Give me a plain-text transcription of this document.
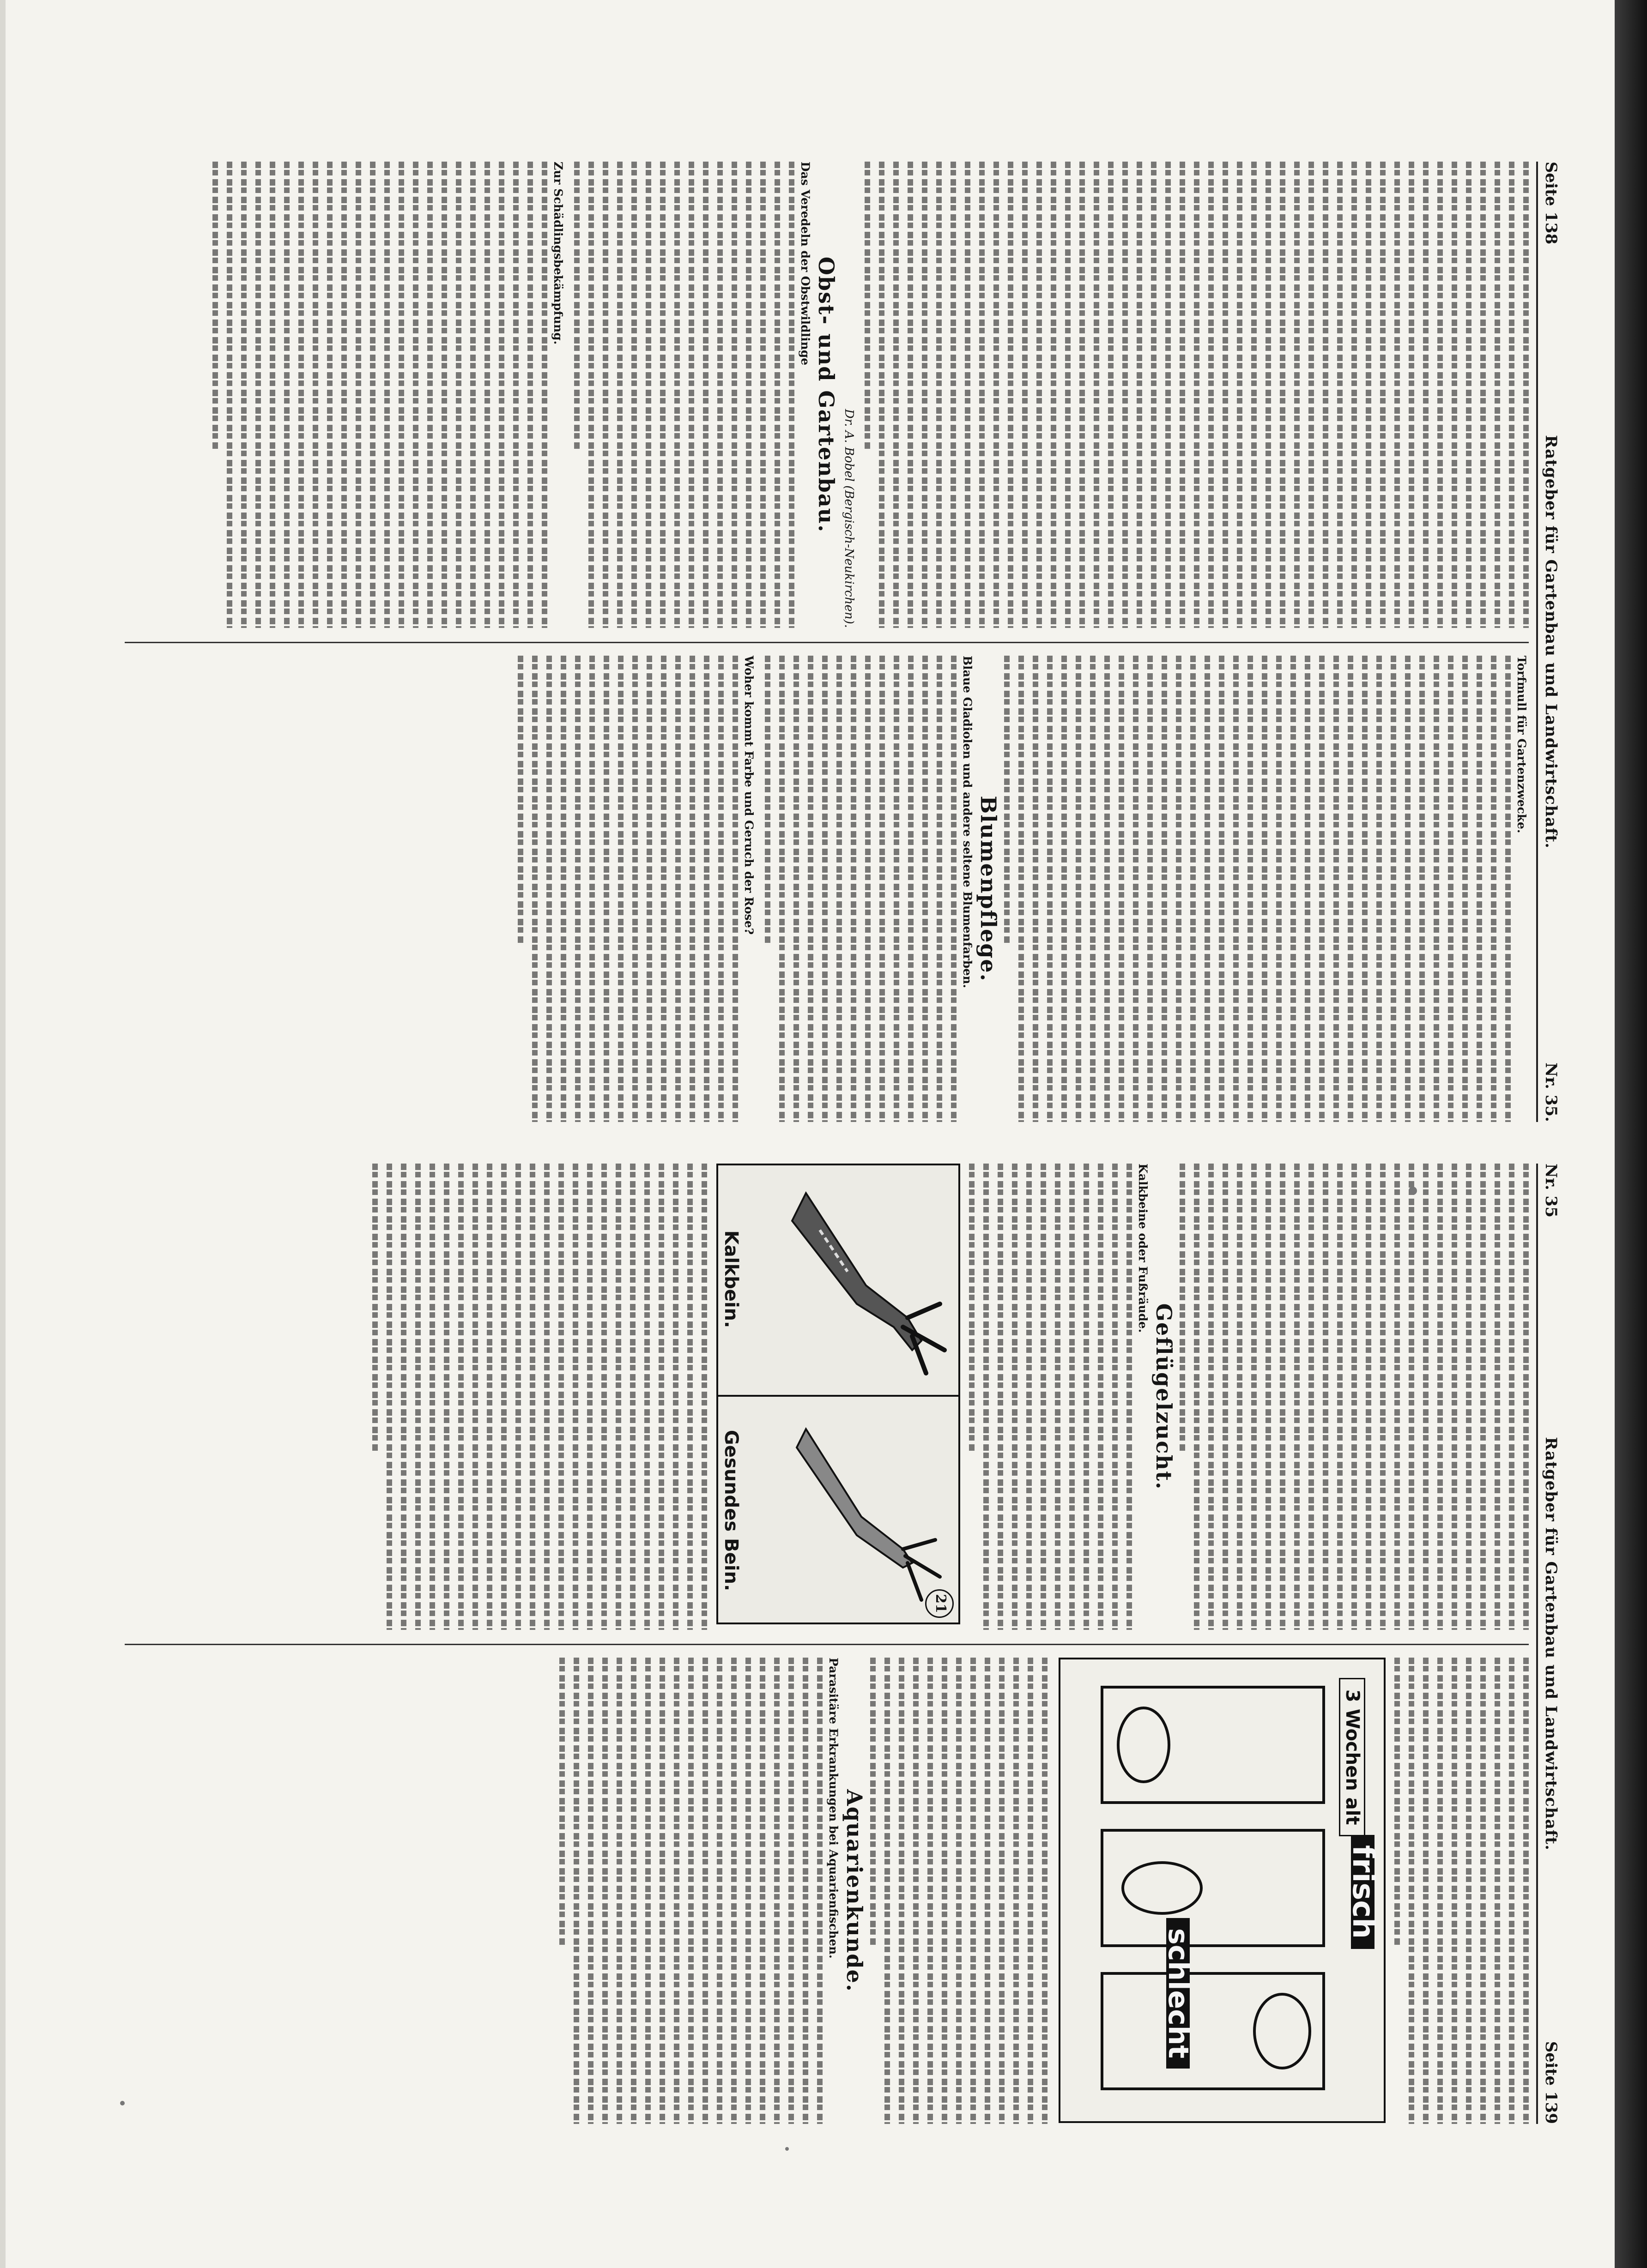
Seite 138
Ratgeber für Gartenbau und Landwirtschaft.
Nr. 35.
Dr. A. Bobel (Bergisch-Neukirchen).
Obst- und Gartenbau.
Das Veredeln der Obstwildlinge
Zur Schädlingsbekämpfung.
Torfmull für Gartenzwecke.
Blumenpflege.
Blaue Gladiolen und andere seltene Blumenfarben.
Woher kommt Farbe und Geruch der Rose?
Nr. 35
Ratgeber für Gartenbau und Landwirtschaft.
Seite 139
Geflügelzucht.
Kalkbeine oder Fußräude.
21
Kalkbein.
Gesundes Bein.
3 Wochen alt
frisch
schlecht
Aquarienkunde.
Parasitäre Erkrankungen bei Aquarienfischen.
